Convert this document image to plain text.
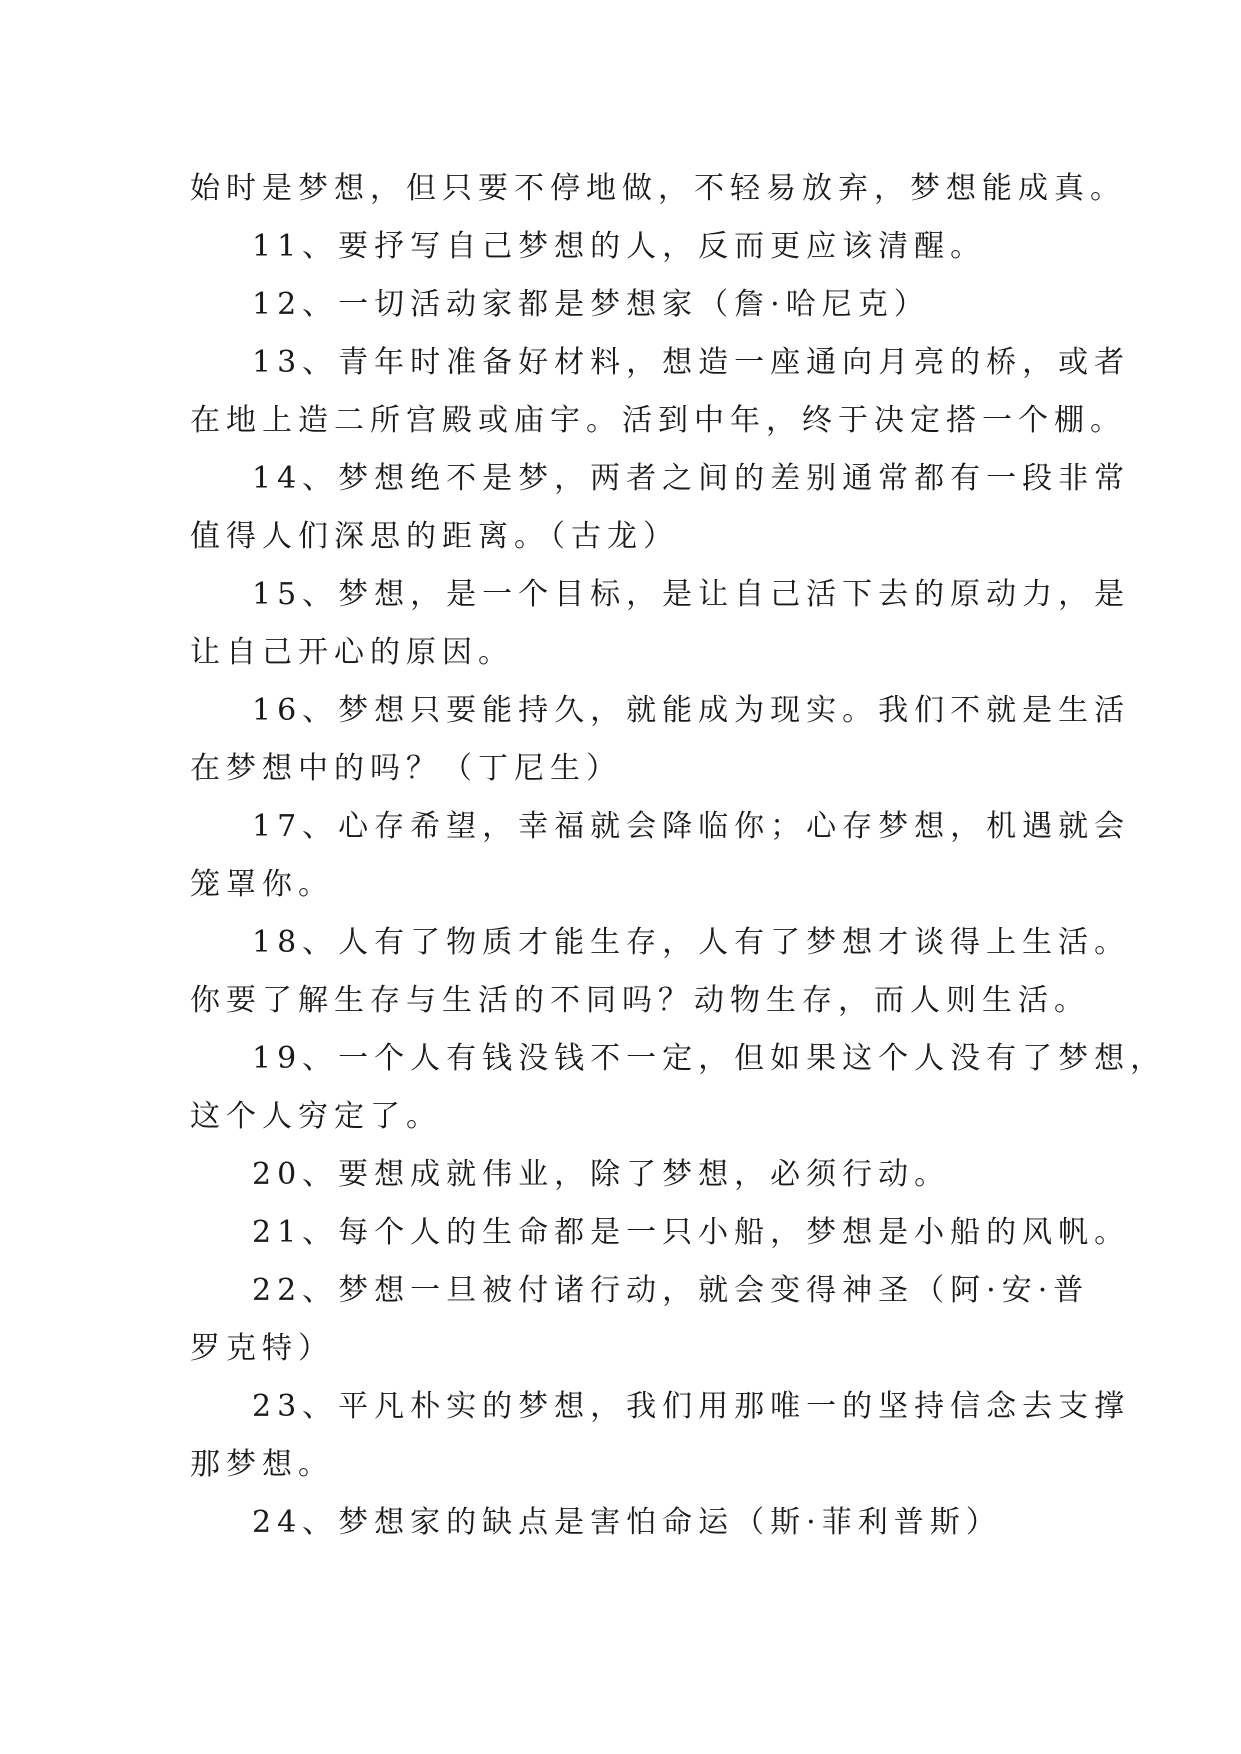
始时是梦想，但只要不停地做，不轻易放弃，梦想能成真。
11、要抒写自己梦想的人，反而更应该清醒。
12、一切活动家都是梦想家（詹·哈尼克）
13、青年时准备好材料，想造一座通向月亮的桥，或者
在地上造二所宫殿或庙宇。活到中年，终于决定搭一个棚。
14、梦想绝不是梦，两者之间的差别通常都有一段非常
值得人们深思的距离。（古龙）
15、梦想，是一个目标，是让自己活下去的原动力，是
让自己开心的原因。
16、梦想只要能持久，就能成为现实。我们不就是生活
在梦想中的吗？（丁尼生）
17、心存希望，幸福就会降临你；心存梦想，机遇就会
笼罩你。
18、人有了物质才能生存，人有了梦想才谈得上生活。
你要了解生存与生活的不同吗？动物生存，而人则生活。
19、一个人有钱没钱不一定，但如果这个人没有了梦想，
这个人穷定了。
20、要想成就伟业，除了梦想，必须行动。
21、每个人的生命都是一只小船，梦想是小船的风帆。
22、梦想一旦被付诸行动，就会变得神圣（阿·安·普
罗克特）
23、平凡朴实的梦想，我们用那唯一的坚持信念去支撑
那梦想。
24、梦想家的缺点是害怕命运（斯·菲利普斯）
